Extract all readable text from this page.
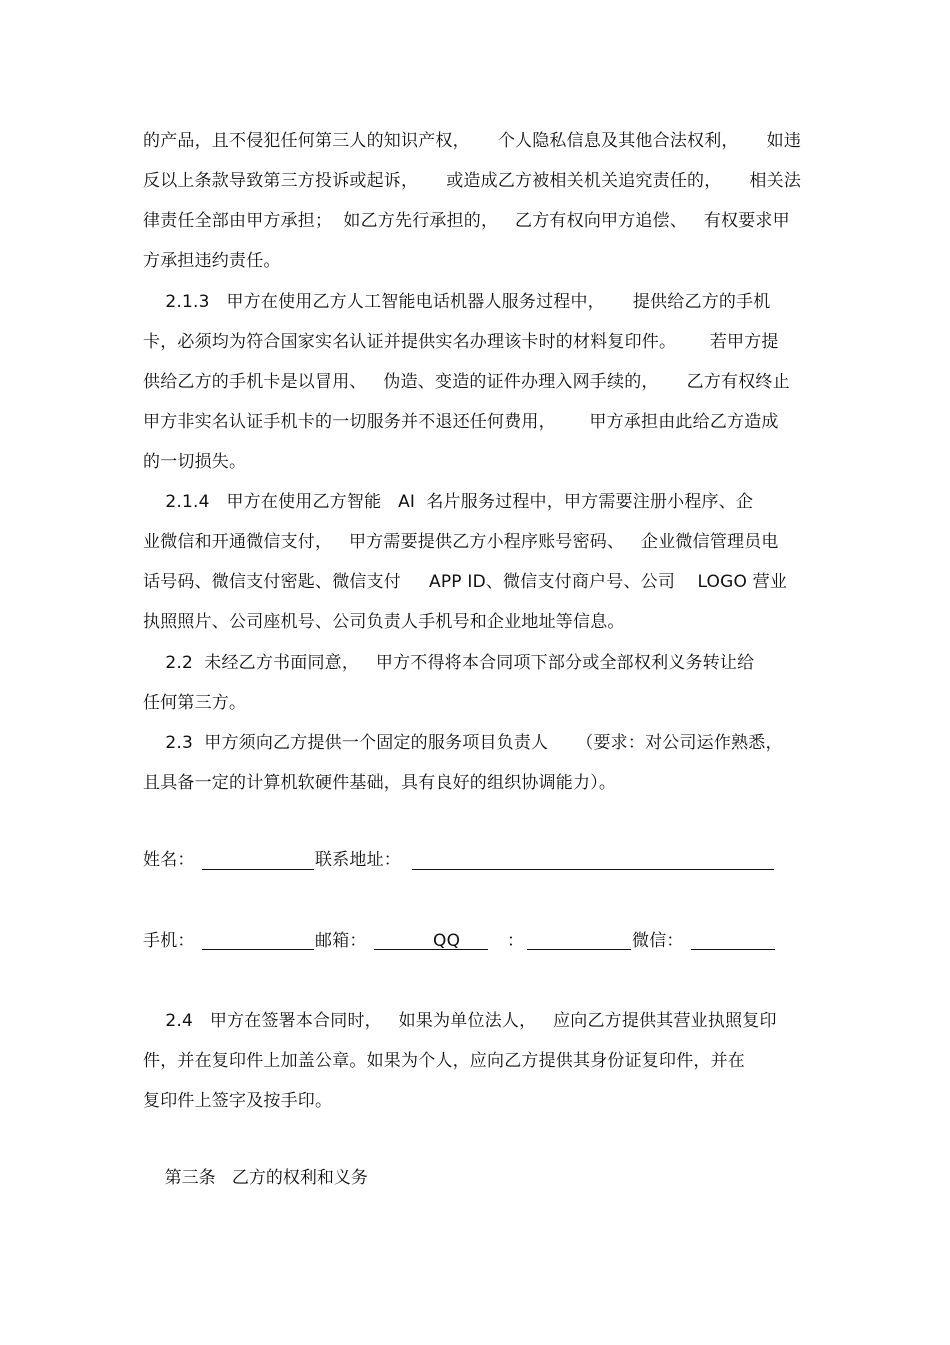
的产品，且不侵犯任何第三人的知识产权，     个人隐私信息及其他合法权利，     如违
反以上条款导致第三方投诉或起诉，     或造成乙方被相关机关追究责任的，     相关法
律责任全部由甲方承担；  如乙方先行承担的，   乙方有权向甲方追偿、   有权要求甲
方承担违约责任。
2.1.3   甲方在使用乙方人工智能电话机器人服务过程中，     提供给乙方的手机
卡，必须均为符合国家实名认证并提供实名办理该卡时的材料复印件。      若甲方提
供给乙方的手机卡是以冒用、   伪造、变造的证件办理入网手续的，     乙方有权终止
甲方非实名认证手机卡的一切服务并不退还任何费用，      甲方承担由此给乙方造成
的一切损失。
2.1.4   甲方在使用乙方智能   AI  名片服务过程中，甲方需要注册小程序、企
业微信和开通微信支付，   甲方需要提供乙方小程序账号密码、   企业微信管理员电
话号码、微信支付密匙、微信支付     APP ID、微信支付商户号、公司    LOGO 营业
执照照片、公司座机号、公司负责人手机号和企业地址等信息。
2.2  未经乙方书面同意，   甲方不得将本合同项下部分或全部权利义务转让给
任何第三方。
2.3  甲方须向乙方提供一个固定的服务项目负责人     （要求：对公司运作熟悉，
且具备一定的计算机软硬件基础，具有良好的组织协调能力）。
姓名：	联系地址：
手机：	邮箱：	QQ	：	微信：
2.4   甲方在签署本合同时，   如果为单位法人，   应向乙方提供其营业执照复印
件，并在复印件上加盖公章。如果为个人，应向乙方提供其身份证复印件，并在
复印件上签字及按手印。
第三条   乙方的权利和义务
